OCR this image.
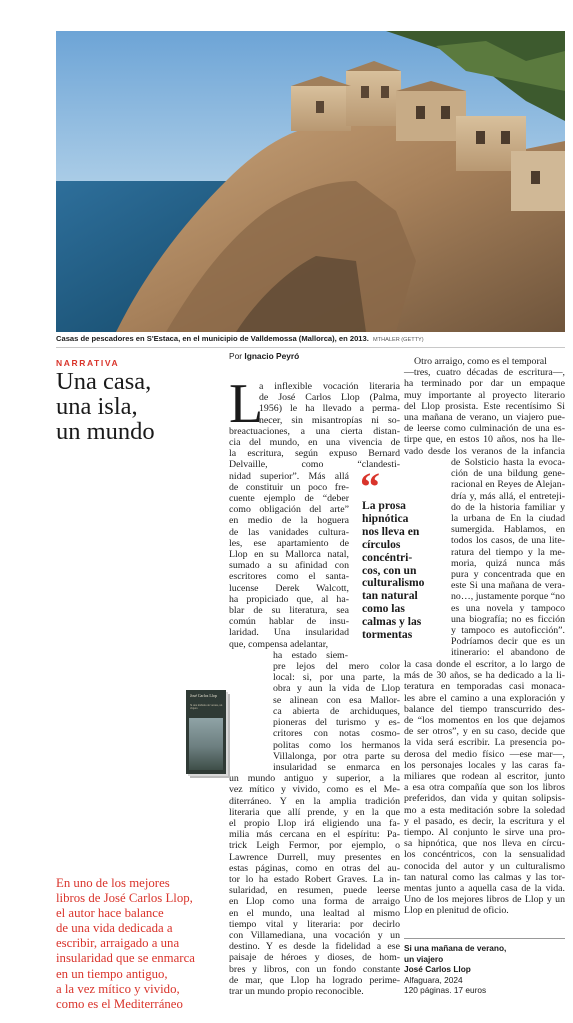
Casas de pescadores en S'Estaca, en el municipio de Valldemossa (Mallorca), en 2013. MTHALER (GETTY)
NARRATIVA
Una casa,
una isla,
un mundo
Por Ignacio Peyró
L
a inflexible vocación literaria
de José Carlos Llop (Palma,
1956) le ha llevado a perma-
necer, sin misantropías ni so-
breactuaciones, a una cierta distan-
cia del mundo, en una vivencia de
la escritura, según expuso Bernard
Delvaille, como “clandesti-
nidad superior”. Más allá
de constituir un poco fre-
cuente ejemplo de “deber
como obligación del arte”
en medio de la hoguera
de las vanidades cultura-
les, ese apartamiento de
Llop en su Mallorca natal,
sumado a su afinidad con
escritores como el santa-
lucense Derek Walcott,
ha propiciado que, al ha-
blar de su literatura, sea
común hablar de insu-
laridad. Una insularidad
que, compensa adelantar,
ha estado siem-
pre lejos del mero color
local: si, por una parte, la
obra y aun la vida de Llop
se alinean con esa Mallor-
ca abierta de archiduques,
pioneras del turismo y es-
critores con notas cosmo-
politas como los hermanos
Villalonga, por otra parte su
insularidad se enmarca en
un mundo antiguo y superior, a la
vez mítico y vivido, como es el Me-
diterráneo. Y en la amplia tradición
literaria que allí prende, y en la que
el propio Llop irá eligiendo una fa-
milia más cercana en el espíritu: Pa-
trick Leigh Fermor, por ejemplo, o
Lawrence Durrell, muy presentes en
estas páginas, como en otras del au-
tor lo ha estado Robert Graves. La in-
sularidad, en resumen, puede leerse
en Llop como una forma de arraigo
en el mundo, una lealtad al mismo
tiempo vital y literaria: por decirlo
con Villamediana, una vocación y un
destino. Y es desde la fidelidad a ese
paisaje de héroes y dioses, de hom-
bres y libros, con un fondo constante
de mar, que Llop ha logrado perime-
trar un mundo propio reconocible.
Otro arraigo, como es el temporal
—tres, cuatro décadas de escritura—,
ha terminado por dar un empaque
muy importante al proyecto literario
del Llop prosista. Este recentísimo Si
una mañana de verano, un viajero pue-
de leerse como culminación de una es-
tirpe que, en estos 10 años, nos ha lle-
vado desde los veranos de la infancia
de Solsticio hasta la evoca-
ción de una bildung gene-
racional en Reyes de Alejan-
dría y, más allá, el entreteji-
do de la historia familiar y
la urbana de En la ciudad
sumergida. Hablamos, en
todos los casos, de una lite-
ratura del tiempo y la me-
moria, quizá nunca más
pura y concentrada que en
este Si una mañana de vera-
no…, justamente porque “no
es una novela y tampoco
una biografía; no es ficción
y tampoco es autoficción”.
Podríamos decir que es un
itinerario: el abandono de
la casa donde el escritor, a lo largo de
más de 30 años, se ha dedicado a la li-
teratura en temporadas casi monaca-
les abre el camino a una exploración y
balance del tiempo transcurrido des-
de “los momentos en los que dejamos
de ser otros”, y en su caso, decide que
la vida será escribir. La presencia po-
derosa del medio físico —ese mar—,
los personajes locales y las caras fa-
miliares que rodean al escritor, junto
a esa otra compañía que son los libros
preferidos, dan vida y quitan solipsis-
mo a esta meditación sobre la soledad
y el pasado, es decir, la escritura y el
tiempo. Al conjunto le sirve una pro-
sa hipnótica, que nos lleva en círcu-
los concéntricos, con la sensualidad
conocida del autor y un culturalismo
tan natural como las calmas y las tor-
mentas junto a aquella casa de la vida.
Uno de los mejores libros de Llop y un
Llop en plenitud de oficio.
“
La prosa
hipnótica
nos lleva en
círculos
concéntri-
cos, con un
culturalismo
tan natural
como las
calmas y las
tormentas
José Carlos Llop
Si una mañana de verano, un viajero
En uno de los mejores
libros de José Carlos Llop,
el autor hace balance
de una vida dedicada a
escribir, arraigado a una
insularidad que se enmarca
en un tiempo antiguo,
a la vez mítico y vivido,
como es el Mediterráneo
Si una mañana de verano,
un viajero
José Carlos Llop
Alfaguara, 2024
120 páginas. 17 euros
